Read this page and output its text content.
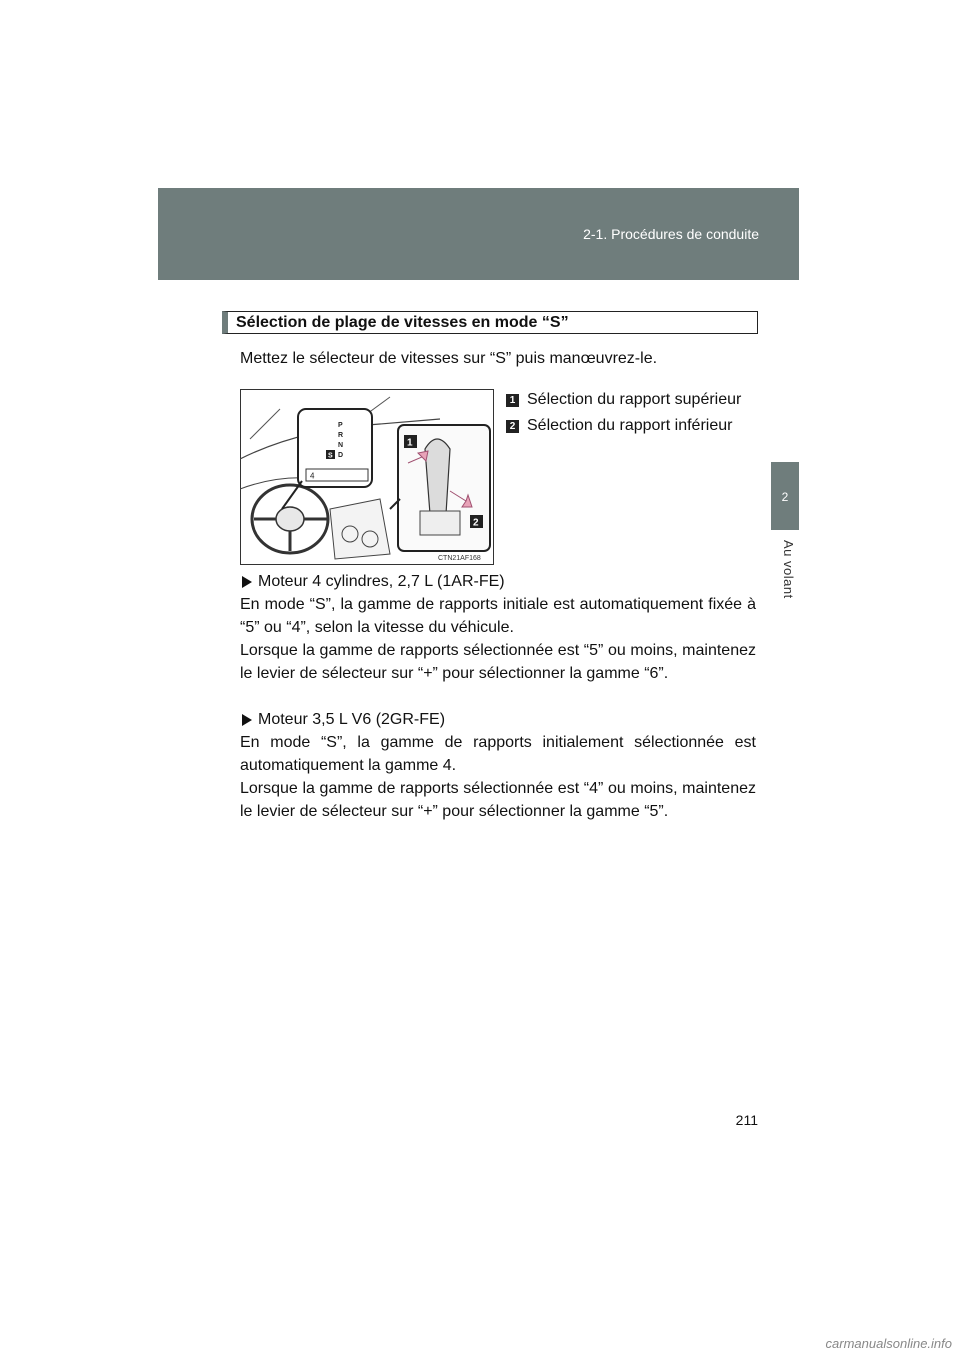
2-1. Procédures de conduite
2
Au volant
Sélection de plage de vitesses en mode “S”
Mettez le sélecteur de vitesses sur “S” puis manœuvrez-le.
P
R
N
D
S
4
1
2
CTN21AF168
1 Sélection du rapport supérieur
2 Sélection du rapport inférieur
Moteur 4 cylindres, 2,7 L (1AR-FE)

En mode “S”, la gamme de rapports initiale est automatiquement fixée à “5” ou “4”, selon la vitesse du véhicule.

Lorsque la gamme de rapports sélectionnée est “5” ou moins, maintenez le levier de sélecteur sur “+” pour sélectionner la gamme “6”.

Moteur 3,5 L V6 (2GR-FE)

En mode “S”, la gamme de rapports initialement sélectionnée est automatiquement la gamme 4.

Lorsque la gamme de rapports sélectionnée est “4” ou moins, maintenez le levier de sélecteur sur “+” pour sélectionner la gamme “5”.

211
carmanualsonline.info
